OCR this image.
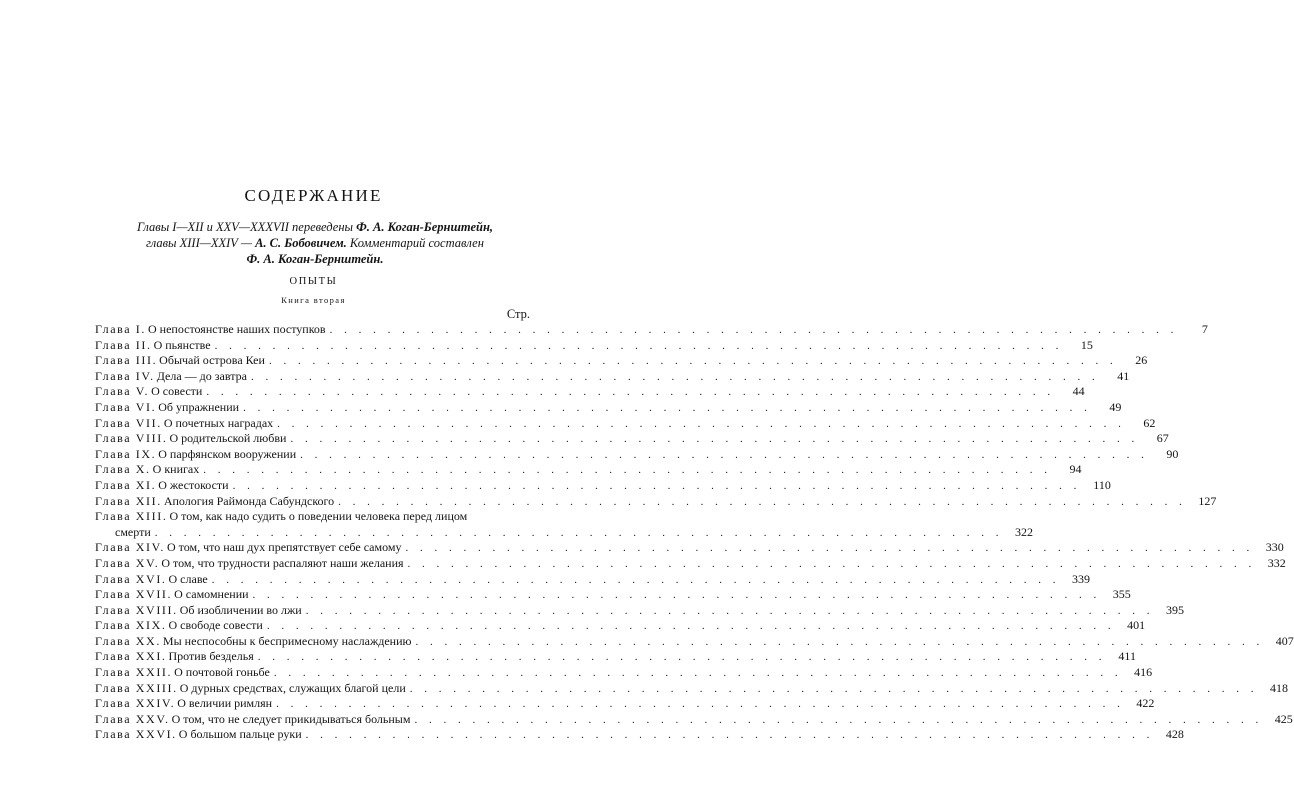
СОДЕРЖАНИЕ
Главы I—XII и XXV—XXXVII переведены Ф. А. Коган-Бернштейн,
главы XIII—XXIV — А. С. Бобовичем. Комментарий составлен
Ф. А. Коган-Бернштейн.
ОПЫТЫ
Книга вторая
Стр.
Глава I. О непостоянстве наших поступков . . . . . . . . . . . . . . . . . . . . . . . . . . . . . . . . . . . . . . . . . . . . . . . . . . . . . . . . . . .	7
Глава II. О пьянстве . . . . . . . . . . . . . . . . . . . . . . . . . . . . . . . . . . . . . . . . . . . . . . . . . . . . . . . . . . .	15
Глава III. Обычай острова Кеи . . . . . . . . . . . . . . . . . . . . . . . . . . . . . . . . . . . . . . . . . . . . . . . . . . . . . . . . . . .	26
Глава IV. Дела — до завтра . . . . . . . . . . . . . . . . . . . . . . . . . . . . . . . . . . . . . . . . . . . . . . . . . . . . . . . . . . .	41
Глава V. О совести . . . . . . . . . . . . . . . . . . . . . . . . . . . . . . . . . . . . . . . . . . . . . . . . . . . . . . . . . . .	44
Глава VI. Об упражнении . . . . . . . . . . . . . . . . . . . . . . . . . . . . . . . . . . . . . . . . . . . . . . . . . . . . . . . . . . .	49
Глава VII. О почетных наградах . . . . . . . . . . . . . . . . . . . . . . . . . . . . . . . . . . . . . . . . . . . . . . . . . . . . . . . . . . .	62
Глава VIII. О родительской любви . . . . . . . . . . . . . . . . . . . . . . . . . . . . . . . . . . . . . . . . . . . . . . . . . . . . . . . . . . .	67
Глава IX. О парфянском вооружении . . . . . . . . . . . . . . . . . . . . . . . . . . . . . . . . . . . . . . . . . . . . . . . . . . . . . . . . . . .	90
Глава X. О книгах . . . . . . . . . . . . . . . . . . . . . . . . . . . . . . . . . . . . . . . . . . . . . . . . . . . . . . . . . . .	94
Глава XI. О жестокости . . . . . . . . . . . . . . . . . . . . . . . . . . . . . . . . . . . . . . . . . . . . . . . . . . . . . . . . . . .	110
Глава XII. Апология Раймонда Сабундского . . . . . . . . . . . . . . . . . . . . . . . . . . . . . . . . . . . . . . . . . . . . . . . . . . . . . . . . . . .	127
Глава XIII. О том, как надо судить о поведении человека перед лицом
смерти . . . . . . . . . . . . . . . . . . . . . . . . . . . . . . . . . . . . . . . . . . . . . . . . . . . . . . . . . . .	322
Глава XIV. О том, что наш дух препятствует себе самому . . . . . . . . . . . . . . . . . . . . . . . . . . . . . . . . . . . . . . . . . . . . . . . . . . . . . . . . . . .	330
Глава XV. О том, что трудности распаляют наши желания . . . . . . . . . . . . . . . . . . . . . . . . . . . . . . . . . . . . . . . . . . . . . . . . . . . . . . . . . . .	332
Глава XVI. О славе . . . . . . . . . . . . . . . . . . . . . . . . . . . . . . . . . . . . . . . . . . . . . . . . . . . . . . . . . . .	339
Глава XVII. О самомнении . . . . . . . . . . . . . . . . . . . . . . . . . . . . . . . . . . . . . . . . . . . . . . . . . . . . . . . . . . .	355
Глава XVIII. Об изобличении во лжи . . . . . . . . . . . . . . . . . . . . . . . . . . . . . . . . . . . . . . . . . . . . . . . . . . . . . . . . . . .	395
Глава XIX. О свободе совести . . . . . . . . . . . . . . . . . . . . . . . . . . . . . . . . . . . . . . . . . . . . . . . . . . . . . . . . . . .	401
Глава XX. Мы неспособны к беспримесному наслаждению . . . . . . . . . . . . . . . . . . . . . . . . . . . . . . . . . . . . . . . . . . . . . . . . . . . . . . . . . . .	407
Глава XXI. Против безделья . . . . . . . . . . . . . . . . . . . . . . . . . . . . . . . . . . . . . . . . . . . . . . . . . . . . . . . . . . .	411
Глава XXII. О почтовой гоньбе . . . . . . . . . . . . . . . . . . . . . . . . . . . . . . . . . . . . . . . . . . . . . . . . . . . . . . . . . . .	416
Глава XXIII. О дурных средствах, служащих благой цели . . . . . . . . . . . . . . . . . . . . . . . . . . . . . . . . . . . . . . . . . . . . . . . . . . . . . . . . . . .	418
Глава XXIV. О величии римлян . . . . . . . . . . . . . . . . . . . . . . . . . . . . . . . . . . . . . . . . . . . . . . . . . . . . . . . . . . .	422
Глава XXV. О том, что не следует прикидываться больным . . . . . . . . . . . . . . . . . . . . . . . . . . . . . . . . . . . . . . . . . . . . . . . . . . . . . . . . . . .	425
Глава XXVI. О большом пальце руки . . . . . . . . . . . . . . . . . . . . . . . . . . . . . . . . . . . . . . . . . . . . . . . . . . . . . . . . . . .	428
